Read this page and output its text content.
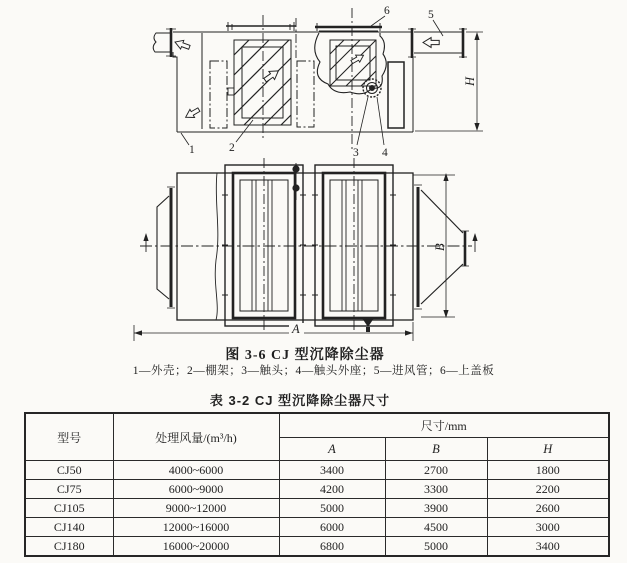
1	2	3 4
5
6
H
B
A
图 3-6 CJ 型沉降除尘器
1—外壳；2—棚架；3—触头；4—触头外座；5—进风管；6—上盖板
表 3-2 CJ 型沉降除尘器尺寸
型号	处理风量/(m³/h)	尺寸/mm		
		A	B	H
CJ50	4000~6000	3400	2700	1800
CJ75	6000~9000	4200	3300	2200
CJ105	9000~12000	5000	3900	2600
CJ140	12000~16000	6000	4500	3000
CJ180	16000~20000	6800	5000	3400
